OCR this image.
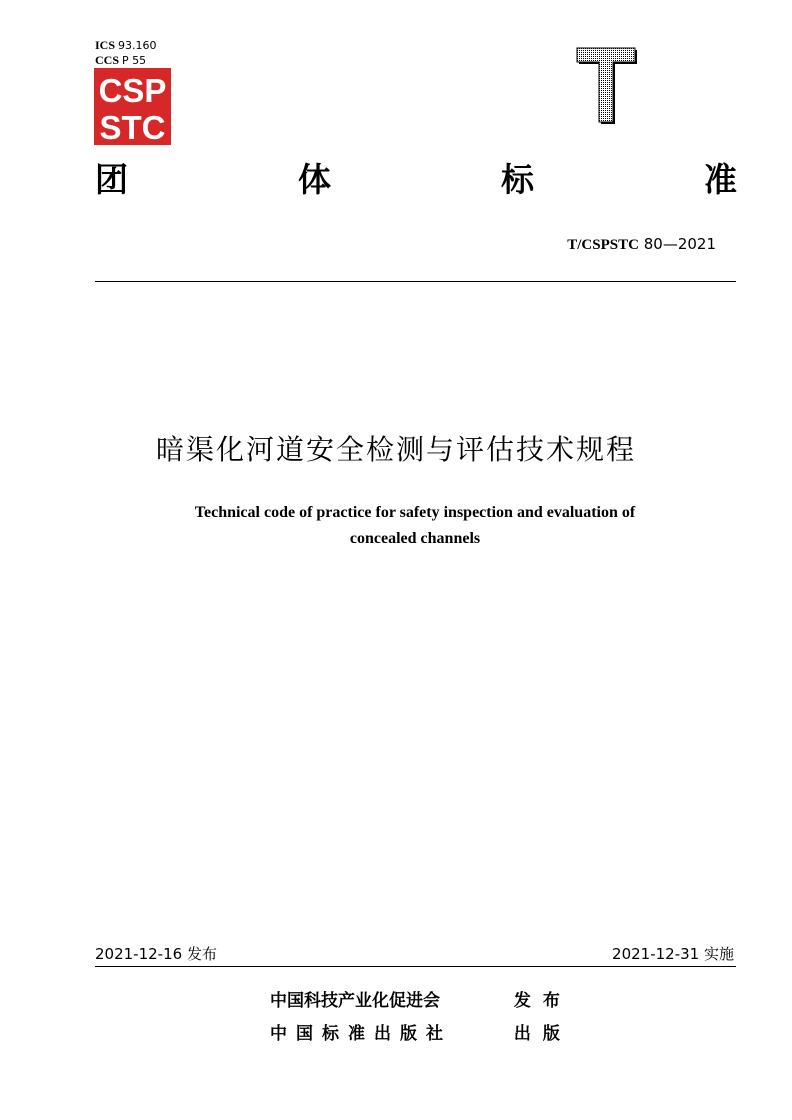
ICS 93.160
CCS P 55
CSP
STC
T
团	体	标	准
T/CSPSTC 80—2021
暗渠化河道安全检测与评估技术规程
Technical code of practice for safety inspection and evaluation of
concealed channels
2021-12-16 发布	2021-12-31 实施
中国科技产业化促进会	发布
中国标准出版社	出版
